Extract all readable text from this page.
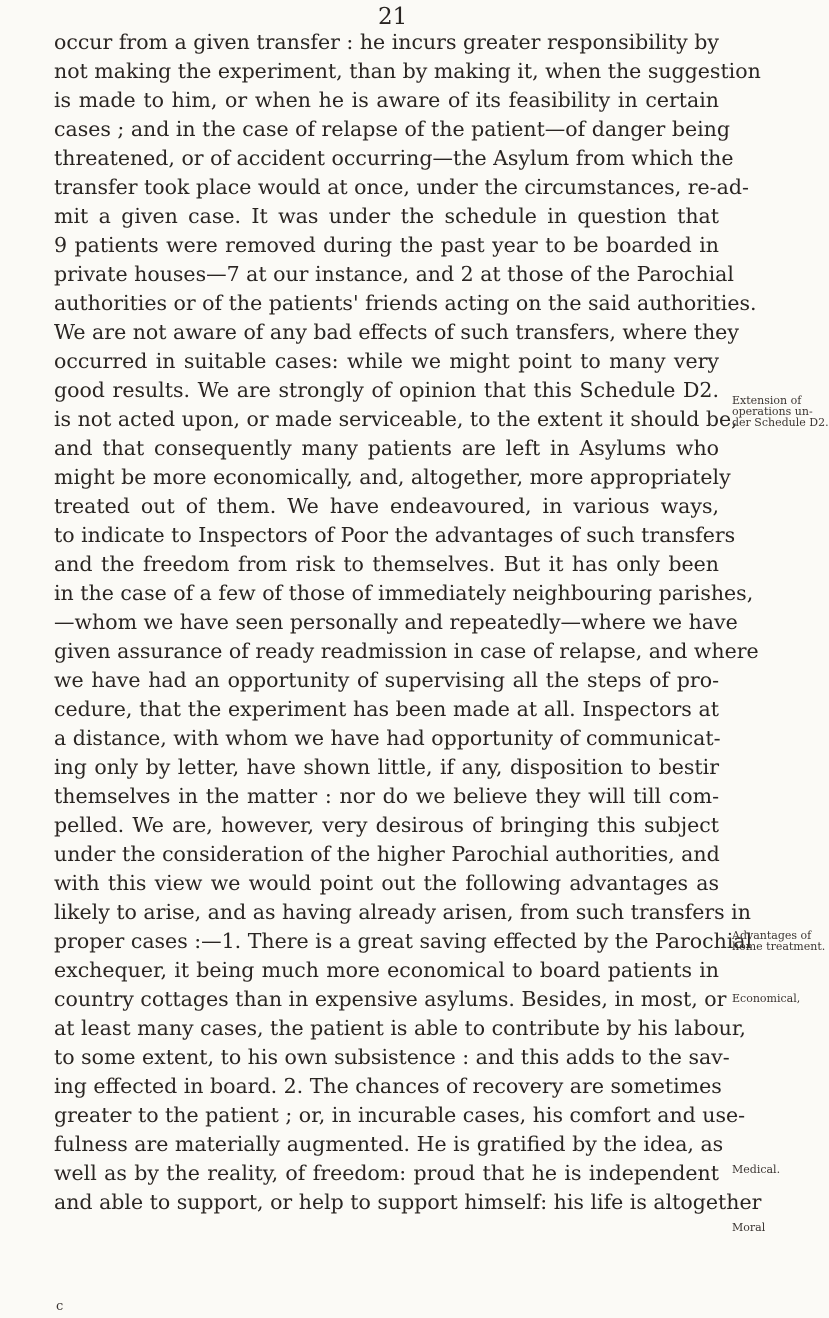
21
occur from a given transfer : he incurs greater responsibility by
not making the experiment, than by making it, when the suggestion
is made to him, or when he is aware of its feasibility in certain
cases ; and in the case of relapse of the patient—of danger being
threatened, or of accident occurring—the Asylum from which the
transfer took place would at once, under the circumstances, re-ad-
mit a given case. It was under the schedule in question that
9 patients were removed during the past year to be boarded in
private houses—7 at our instance, and 2 at those of the Parochial
authorities or of the patients' friends acting on the said authorities.
We are not aware of any bad effects of such transfers, where they
occurred in suitable cases: while we might point to many very
good results. We are strongly of opinion that this Schedule D2.
is not acted upon, or made serviceable, to the extent it should be,
and that consequently many patients are left in Asylums who
might be more economically, and, altogether, more appropriately
treated out of them. We have endeavoured, in various ways,
to indicate to Inspectors of Poor the advantages of such transfers
and the freedom from risk to themselves. But it has only been
in the case of a few of those of immediately neighbouring parishes,
—whom we have seen personally and repeatedly—where we have
given assurance of ready readmission in case of relapse, and where
we have had an opportunity of supervising all the steps of pro-
cedure, that the experiment has been made at all. Inspectors at
a distance, with whom we have had opportunity of communicat-
ing only by letter, have shown little, if any, disposition to bestir
themselves in the matter : nor do we believe they will till com-
pelled. We are, however, very desirous of bringing this subject
under the consideration of the higher Parochial authorities, and
with this view we would point out the following advantages as
likely to arise, and as having already arisen, from such transfers in
proper cases :—1. There is a great saving effected by the Parochial
exchequer, it being much more economical to board patients in
country cottages than in expensive asylums. Besides, in most, or
at least many cases, the patient is able to contribute by his labour,
to some extent, to his own subsistence : and this adds to the sav-
ing effected in board. 2. The chances of recovery are sometimes
greater to the patient ; or, in incurable cases, his comfort and use-
fulness are materially augmented. He is gratified by the idea, as
well as by the reality, of freedom: proud that he is independent
and able to support, or help to support himself: his life is altogether
Extension of
operations un-
der Schedule D2.
Advantages of
home treatment.
Economical,
Medical.
Moral
c
